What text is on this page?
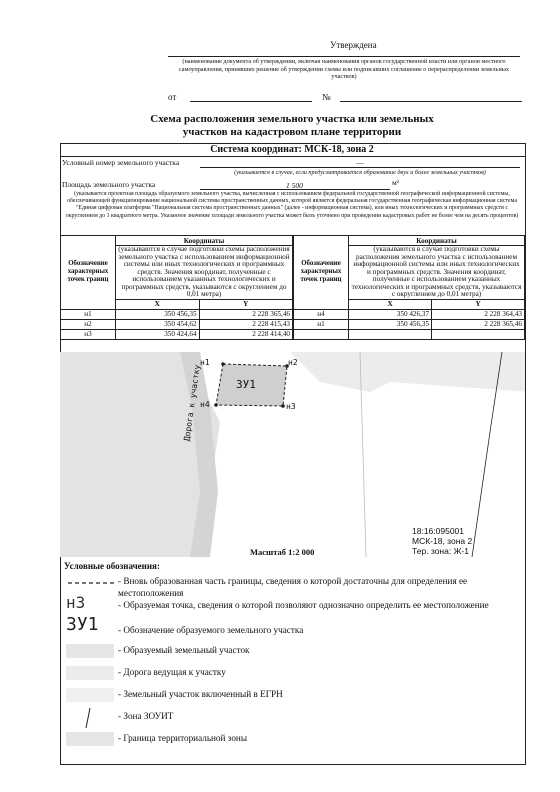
Утверждена
(наименование документа об утверждении, включая наименования органов государственной власти или органов местного самоуправления, принявших решение об утверждении схемы или подписавших соглашение о перераспределении земельных участков)
от	№
Схема расположения земельного участка или земельных
участков на кадастровом плане территории
Система координат: МСК-18, зона 2
Условный номер земельного участка	—
(указывается в случае, если предусматривается образование двух и более земельных участков)
Площадь земельного участка	1 500	м²
(указывается проектная площадь образуемого земельного участка, вычисленная с использованием федеральной государственной географической информационной системы, обеспечивающей функционирование национальной системы пространственных данных, которой является федеральная государственная географическая информационная система "Единая цифровая платформа "Национальная система пространственных данных" (далее - информационная система), или иных технологических и программных средств с округлением до 1 квадратного метра. Указанное значение площади земельного участка может быть уточнено при проведении кадастровых работ не более чем на десять процентов)
Обозначение характерных точек границ	Координаты	
	(указываются в случае подготовки схемы расположения земельного участка с использованием информационной системы или иных технологических и программных средств. Значения координат, полученные с использованием указанных технологических и программных средств, указываются с округлением до 0,01 метра)	
	X	Y
н1	350 456,35	2 228 365,46
н2	350 454,62	2 228 415,43
н3	350 424,64	2 228 414,40
Обозначение характерных точек границ	Координаты	
	(указываются в случае подготовки схемы расположения земельного участка с использованием информационной системы или иных технологических и программных средств. Значения координат, полученные с использованием указанных технологических и программных средств, указываются с округлением до 0,01 метра)	
	X	Y
н4	350 426,37	2 228 364,43
н1	350 456,35	2 228 365,46

н1	н2
н3
н4
ЗУ1
Дорога к участку
18:16:095001
МСК-18, зона 2
Тер. зона: Ж-1
Масштаб 1:2 000
Условные обозначения:
- Вновь образованная часть границы, сведения о которой достаточны для определения ее местоположения
н3	- Образуемая точка, сведения о которой позволяют однозначно определить ее местоположение
ЗУ1 - Обозначение образуемого земельного участка
- Образуемый земельный участок
- Дорога ведущая к участку
- Земельный участок включенный в ЕГРН
- Зона ЗОУИТ
- Граница территориальной зоны
